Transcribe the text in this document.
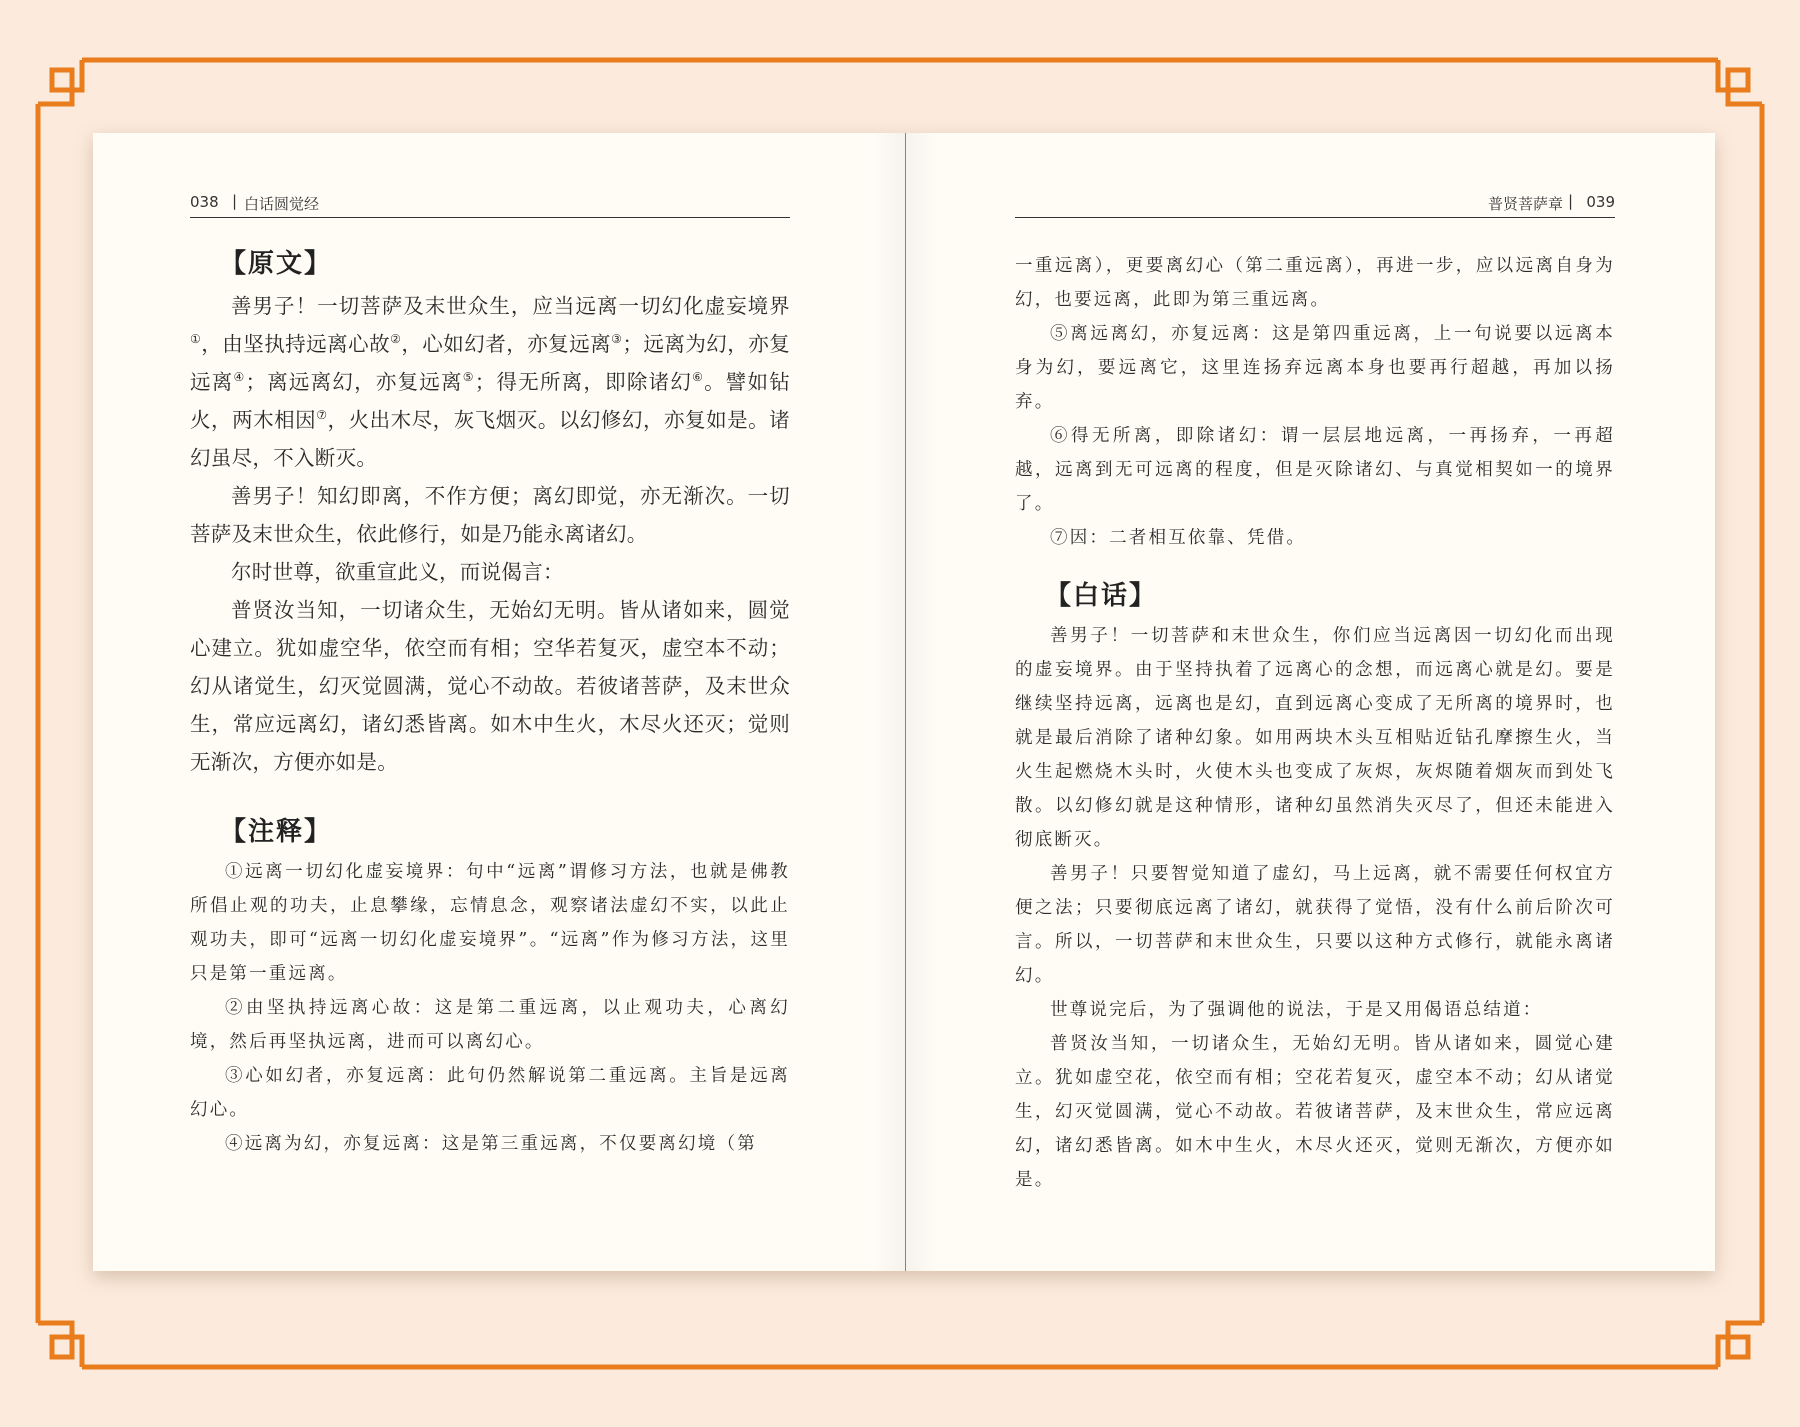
038 | 白话圆觉经
【原文】

善男子！一切菩萨及末世众生，应当远离一切幻化虚妄境界①，由坚执持远离心故②，心如幻者，亦复远离③；远离为幻，亦复远离④；离远离幻，亦复远离⑤；得无所离，即除诸幻⑥。譬如钻火，两木相因⑦，火出木尽，灰飞烟灭。以幻修幻，亦复如是。诸幻虽尽，不入断灭。

善男子！知幻即离，不作方便；离幻即觉，亦无渐次。一切菩萨及末世众生，依此修行，如是乃能永离诸幻。

尔时世尊，欲重宣此义，而说偈言：

普贤汝当知，一切诸众生，无始幻无明。皆从诸如来，圆觉心建立。犹如虚空华，依空而有相；空华若复灭，虚空本不动；幻从诸觉生，幻灭觉圆满，觉心不动故。若彼诸菩萨，及末世众生，常应远离幻，诸幻悉皆离。如木中生火，木尽火还灭；觉则无渐次，方便亦如是。

【注释】

①远离一切幻化虚妄境界：句中“远离”谓修习方法，也就是佛教所倡止观的功夫，止息攀缘，忘情息念，观察诸法虚幻不实，以此止观功夫，即可“远离一切幻化虚妄境界”。“远离”作为修习方法，这里只是第一重远离。

②由坚执持远离心故：这是第二重远离，以止观功夫，心离幻境，然后再坚执远离，进而可以离幻心。

③心如幻者，亦复远离：此句仍然解说第二重远离。主旨是远离幻心。

④远离为幻，亦复远离：这是第三重远离，不仅要离幻境（第

普贤菩萨章 | 039

一重远离），更要离幻心（第二重远离），再进一步，应以远离自身为幻，也要远离，此即为第三重远离。

⑤离远离幻，亦复远离：这是第四重远离，上一句说要以远离本身为幻，要远离它，这里连扬弃远离本身也要再行超越，再加以扬弃。

⑥得无所离，即除诸幻：谓一层层地远离，一再扬弃，一再超越，远离到无可远离的程度，但是灭除诸幻、与真觉相契如一的境界了。

⑦因：二者相互依靠、凭借。

【白话】

善男子！一切菩萨和末世众生，你们应当远离因一切幻化而出现的虚妄境界。由于坚持执着了远离心的念想，而远离心就是幻。要是继续坚持远离，远离也是幻，直到远离心变成了无所离的境界时，也就是最后消除了诸种幻象。如用两块木头互相贴近钻孔摩擦生火，当火生起燃烧木头时，火使木头也变成了灰烬，灰烬随着烟灰而到处飞散。以幻修幻就是这种情形，诸种幻虽然消失灭尽了，但还未能进入彻底断灭。

善男子！只要智觉知道了虚幻，马上远离，就不需要任何权宜方便之法；只要彻底远离了诸幻，就获得了觉悟，没有什么前后阶次可言。所以，一切菩萨和末世众生，只要以这种方式修行，就能永离诸幻。

世尊说完后，为了强调他的说法，于是又用偈语总结道：

普贤汝当知，一切诸众生，无始幻无明。皆从诸如来，圆觉心建立。犹如虚空花，依空而有相；空花若复灭，虚空本不动；幻从诸觉生，幻灭觉圆满，觉心不动故。若彼诸菩萨，及末世众生，常应远离幻，诸幻悉皆离。如木中生火，木尽火还灭，觉则无渐次，方便亦如是。
